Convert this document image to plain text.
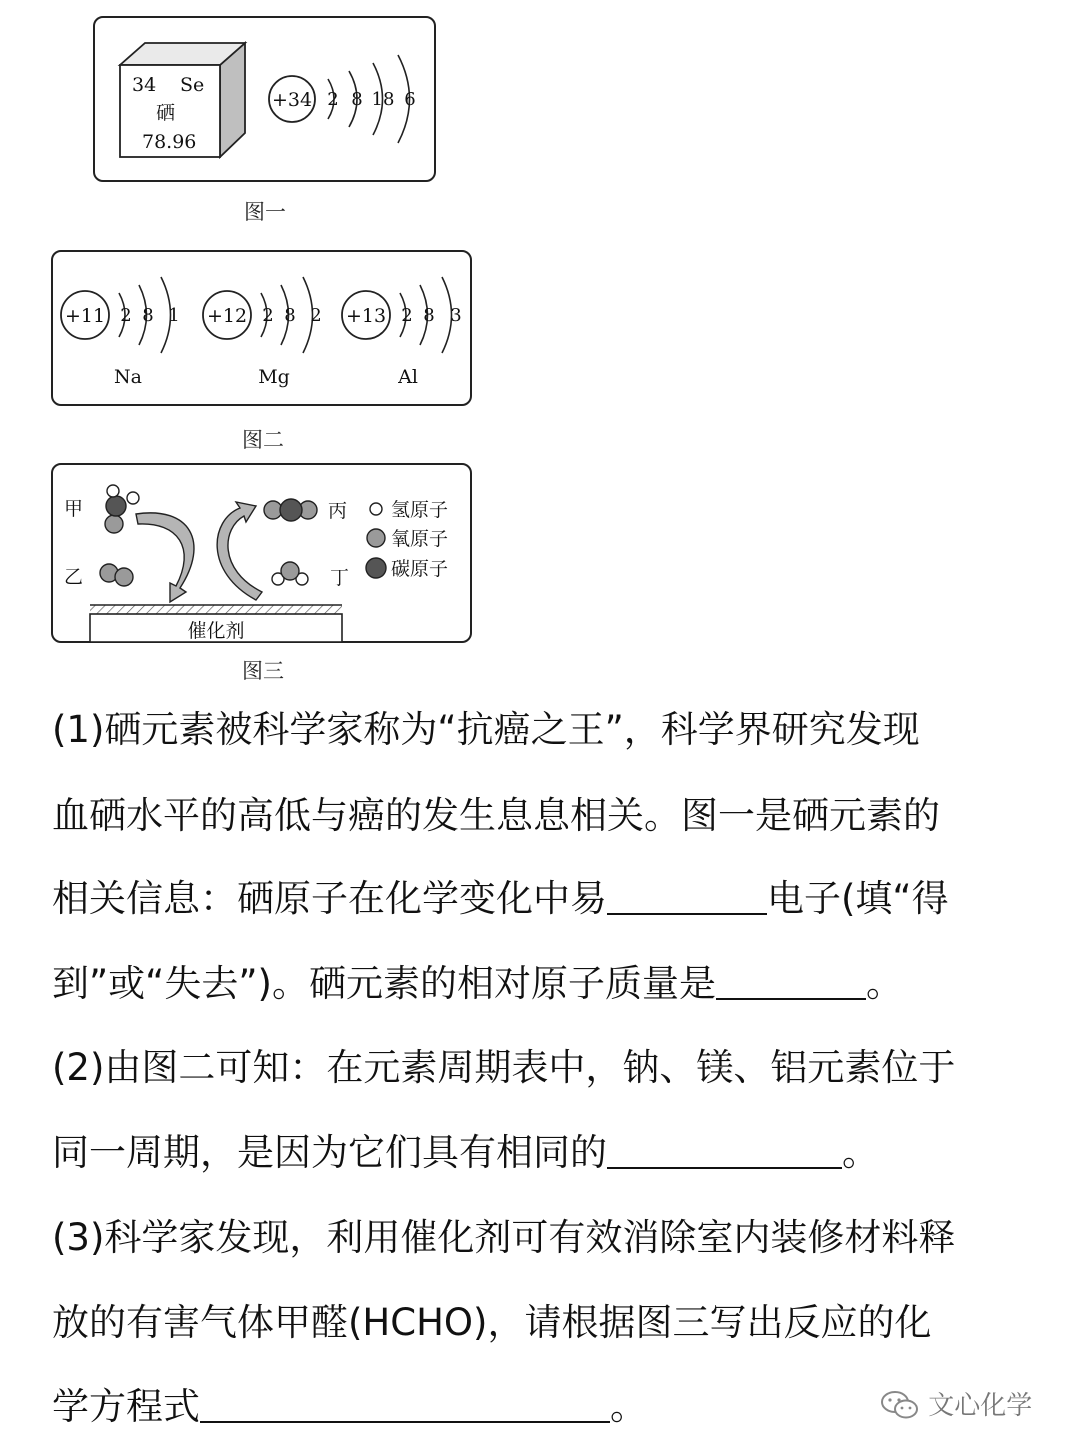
34 Se
硒
78.96
+34 2 8 18 6
图一
+11 2 8 1
Na
+12 2 8 2
Mg
+13 2 8 3
Al
图二
催化剂
甲
乙
丙
丁
氢原子
氧原子
碳原子
图三
(1)硒元素被科学家称为“抗癌之王”，科学界研究发现
血硒水平的高低与癌的发生息息相关。图一是硒元素的
相关信息：硒原子在化学变化中易	电子(填“得
到”或“失去”)。硒元素的相对原子质量是	。
(2)由图二可知：在元素周期表中，钠、镁、铝元素位于
同一周期，是因为它们具有相同的	。
(3)科学家发现，利用催化剂可有效消除室内装修材料释
放的有害气体甲醛(HCHO)，请根据图三写出反应的化
学方程式	。	文心化学
